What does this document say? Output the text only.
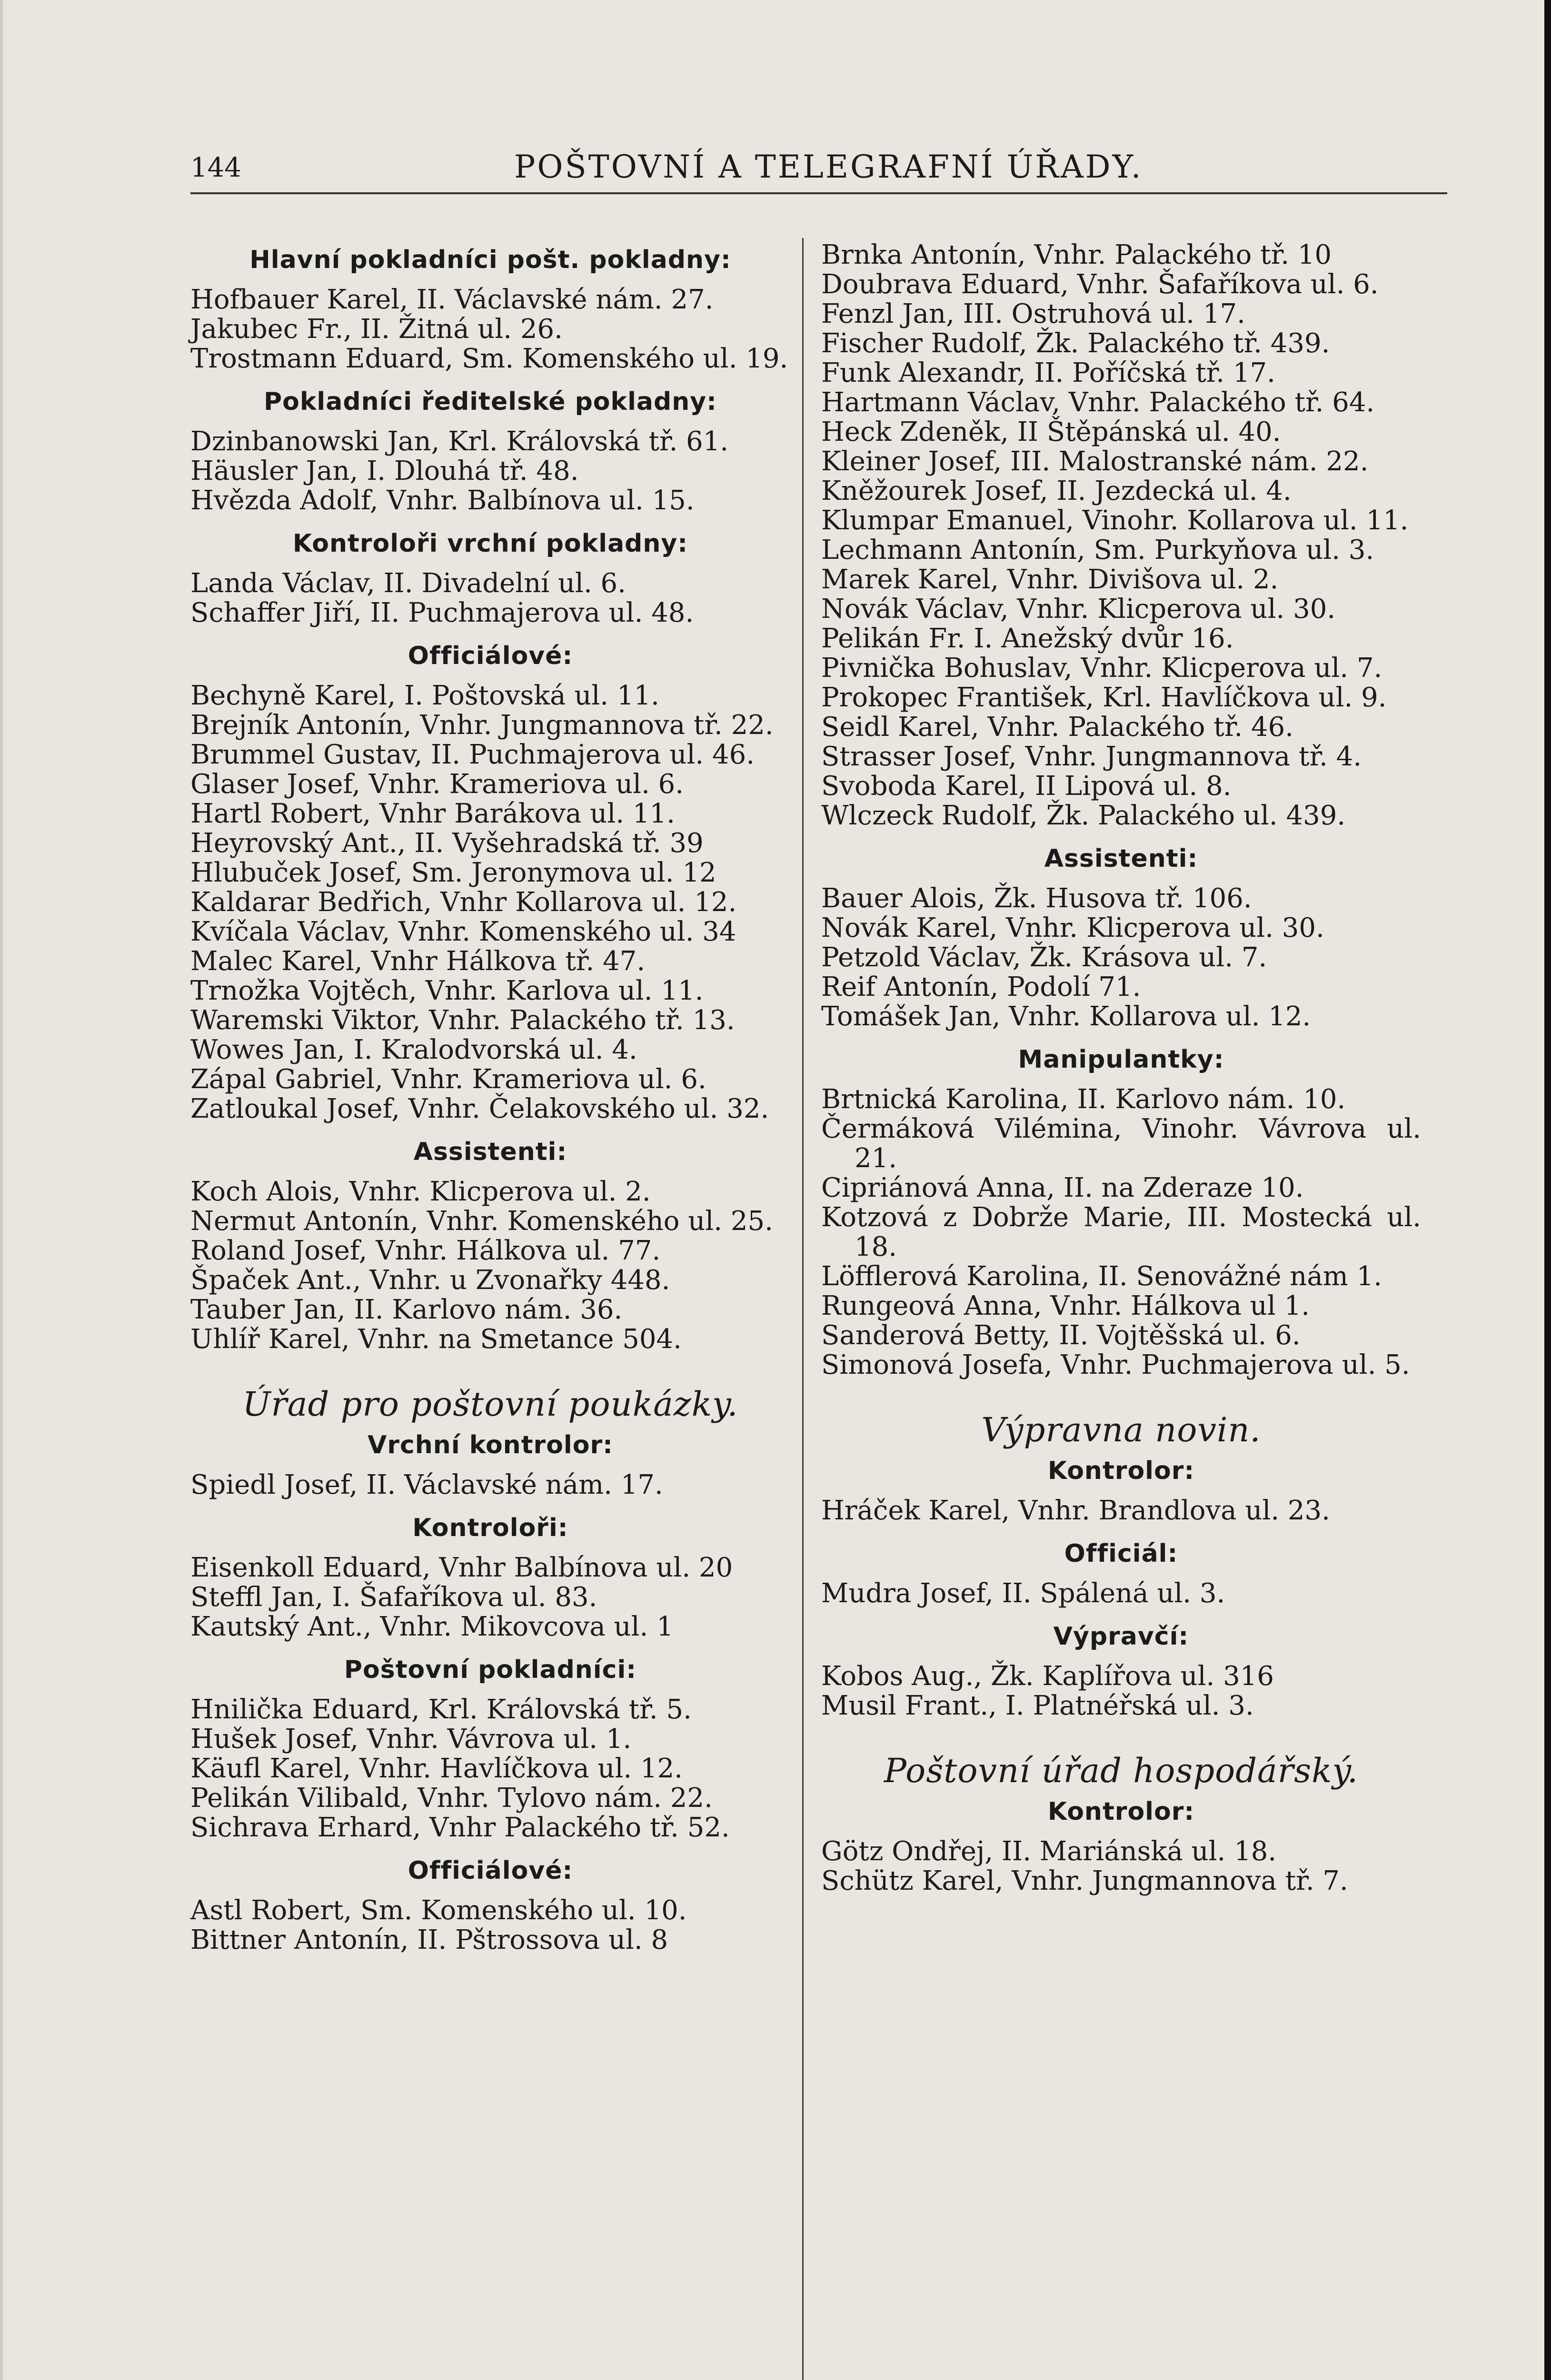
144	POŠTOVNÍ A TELEGRAFNÍ ÚŘADY.
Hlavní pokladníci pošt. pokladny:

Hofbauer Karel, II. Václavské nám. 27.

Jakubec Fr., II. Žitná ul. 26.

Trostmann Eduard, Sm. Komenského ul. 19.

Pokladníci ředitelské pokladny:

Dzinbanowski Jan, Krl. Královská tř. 61.

Häusler Jan, I. Dlouhá tř. 48.

Hvězda Adolf, Vnhr. Balbínova ul. 15.

Kontroloři vrchní pokladny:

Landa Václav, II. Divadelní ul. 6.

Schaffer Jiří, II. Puchmajerova ul. 48.

Officiálové:

Bechyně Karel, I. Poštovská ul. 11.

Brejník Antonín, Vnhr. Jungmannova tř. 22.

Brummel Gustav, II. Puchmajerova ul. 46.

Glaser Josef, Vnhr. Krameriova ul. 6.

Hartl Robert, Vnhr Barákova ul. 11.

Heyrovský Ant., II. Vyšehradská tř. 39

Hlubuček Josef, Sm. Jeronymova ul. 12

Kaldarar Bedřich, Vnhr Kollarova ul. 12.

Kvíčala Václav, Vnhr. Komenského ul. 34

Malec Karel, Vnhr Hálkova tř. 47.

Trnožka Vojtěch, Vnhr. Karlova ul. 11.

Waremski Viktor, Vnhr. Palackého tř. 13.

Wowes Jan, I. Kralodvorská ul. 4.

Zápal Gabriel, Vnhr. Krameriova ul. 6.

Zatloukal Josef, Vnhr. Čelakovského ul. 32.

Assistenti:

Koch Alois, Vnhr. Klicperova ul. 2.

Nermut Antonín, Vnhr. Komenského ul. 25.

Roland Josef, Vnhr. Hálkova ul. 77.

Špaček Ant., Vnhr. u Zvonařky 448.

Tauber Jan, II. Karlovo nám. 36.

Uhlíř Karel, Vnhr. na Smetance 504.

Úřad pro poštovní poukázky.
Vrchní kontrolor:

Spiedl Josef, II. Václavské nám. 17.

Kontroloři:

Eisenkoll Eduard, Vnhr Balbínova ul. 20

Steffl Jan, I. Šafaříkova ul. 83.

Kautský Ant., Vnhr. Mikovcova ul. 1

Poštovní pokladníci:

Hnilička Eduard, Krl. Královská tř. 5.

Hušek Josef, Vnhr. Vávrova ul. 1.

Käufl Karel, Vnhr. Havlíčkova ul. 12.

Pelikán Vilibald, Vnhr. Tylovo nám. 22.

Sichrava Erhard, Vnhr Palackého tř. 52.

Officiálové:

Astl Robert, Sm. Komenského ul. 10.

Bittner Antonín, II. Pštrossova ul. 8

Brnka Antonín, Vnhr. Palackého tř. 10

Doubrava Eduard, Vnhr. Šafaříkova ul. 6.

Fenzl Jan, III. Ostruhová ul. 17.

Fischer Rudolf, Žk. Palackého tř. 439.

Funk Alexandr, II. Poříčská tř. 17.

Hartmann Václav, Vnhr. Palackého tř. 64.

Heck Zdeněk, II Štěpánská ul. 40.

Kleiner Josef, III. Malostranské nám. 22.

Kněžourek Josef, II. Jezdecká ul. 4.

Klumpar Emanuel, Vinohr. Kollarova ul. 11.

Lechmann Antonín, Sm. Purkyňova ul. 3.

Marek Karel, Vnhr. Divišova ul. 2.

Novák Václav, Vnhr. Klicperova ul. 30.

Pelikán Fr. I. Anežský dvůr 16.

Pivnička Bohuslav, Vnhr. Klicperova ul. 7.

Prokopec František, Krl. Havlíčkova ul. 9.

Seidl Karel, Vnhr. Palackého tř. 46.

Strasser Josef, Vnhr. Jungmannova tř. 4.

Svoboda Karel, II Lipová ul. 8.

Wlczeck Rudolf, Žk. Palackého ul. 439.

Assistenti:

Bauer Alois, Žk. Husova tř. 106.

Novák Karel, Vnhr. Klicperova ul. 30.

Petzold Václav, Žk. Krásova ul. 7.

Reif Antonín, Podolí 71.

Tomášek Jan, Vnhr. Kollarova ul. 12.

Manipulantky:

Brtnická Karolina, II. Karlovo nám. 10.

Čermáková Vilémina, Vinohr. Vávrova ul. 21.

Cipriánová Anna, II. na Zderaze 10.

Kotzová z Dobrže Marie, III. Mostecká ul. 18.

Löfflerová Karolina, II. Senovážné nám 1.

Rungeová Anna, Vnhr. Hálkova ul 1.

Sanderová Betty, II. Vojtěšská ul. 6.

Simonová Josefa, Vnhr. Puchmajerova ul. 5.

Výpravna novin.
Kontrolor:

Hráček Karel, Vnhr. Brandlova ul. 23.

Officiál:

Mudra Josef, II. Spálená ul. 3.

Výpravčí:

Kobos Aug., Žk. Kaplířova ul. 316

Musil Frant., I. Platnéřská ul. 3.

Poštovní úřad hospodářský.
Kontrolor:

Götz Ondřej, II. Mariánská ul. 18.

Schütz Karel, Vnhr. Jungmannova tř. 7.
